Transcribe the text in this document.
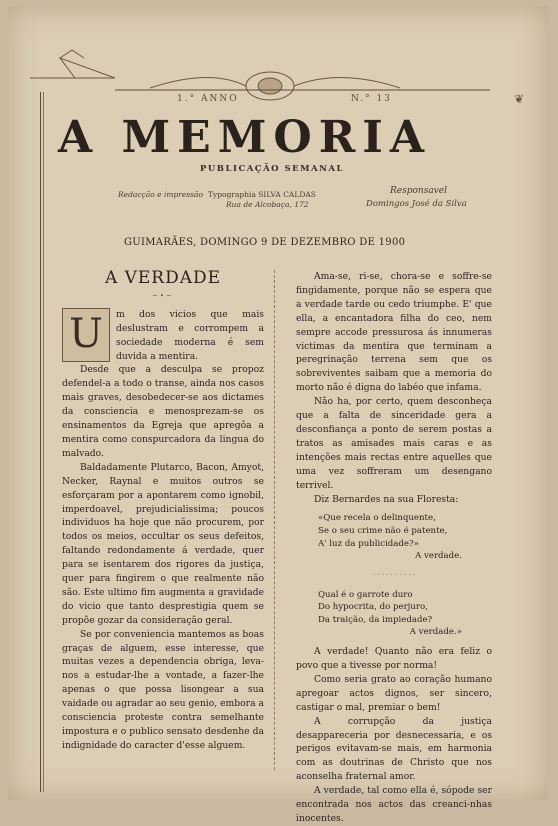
❦
1.° ANNO	N.° 13
A MEMORIA
PUBLICAÇÃO SEMANAL
Redacção e impressão Typographia SILVA CALDAS
Rua de Alcobaça, 172
Responsavel
Domingos José da Silva
GUIMARÃES, DOMINGO 9 DE DEZEMBRO DE 1900
A VERDADE
~•~
U	m dos vicios que mais deslustram e corrompem a sociedade moderna é sem duvida a mentira.

Desde que a desculpa se propoz defendel-a a todo o transe, ainda nos casos mais graves, desobedecer-se aos dictames da consciencia e menosprezam-se os ensinamentos da Egreja que apregôa a mentira como conspurcadora da lingua do malvado.

Baldadamente Plutarco, Bacon, Amyot, Necker, Raynal e muitos outros se esforçaram por a apontarem como ignobil, imperdoavel, prejudicialissima; poucos individuos ha hoje que não procurem, por todos os meios, occultar os seus defeitos, faltando redondamente á verdade, quer para se isentarem dos rigores da justiça, quer para fingirem o que realmente não são. Este ultimo fim augmenta a gravidade do vicio que tanto desprestigia quem se propõe gozar da consideração geral.

Se por conveniencia mantemos as boas graças de alguem, esse interesse, que muitas vezes a dependencia obriga, leva-nos a estudar-lhe a vontade, a fazer-lhe apenas o que possa lisongear a sua vaidade ou agradar ao seu genio, embora a consciencia proteste contra semelhante impostura e o publico sensato desdenhe da indignidade do caracter d'esse alguem.

Ama-se, ri-se, chora-se e soffre-se fingidamente, porque não se espera que a verdade tarde ou cedo triumphe. E' que ella, a encantadora filha do ceo, nem sempre accode pressurosa ás innumeras victimas da mentira que terminam a peregrinação terrena sem que os sobreviventes saibam que a memoria do morto não é digna do labéo que infama.

Não ha, por certo, quem desconheça que a falta de sinceridade gera a desconfiança a ponto de serem postas a tratos as amisades mais caras e as intenções mais rectas entre aquelles que uma vez soffreram um desengano terrivel.

Diz Bernardes na sua Floresta:

«Que recela o delinquente,
Se o seu crime não é patente,
A' luz da publicidade?»
A verdade.

· · · · · · · · · ·

Qual é o garrote duro
Do hypocrita, do perjuro,
Da traição, da impiedade?
A verdade.»

A verdade! Quanto não era feliz o povo que a tivesse por norma!

Como seria grato ao coração humano apregoar actos dignos, ser sincero, castigar o mal, premiar o bem!

A corrupção da justiça desappareceria por desnecessaria, e os perigos evitavam-se mais, em harmonia com as doutrinas de Christo que nos aconselha fraternal amor.

A verdade, tal como ella é, sópode ser encontrada nos actos das creanci-nhas inocentes.
